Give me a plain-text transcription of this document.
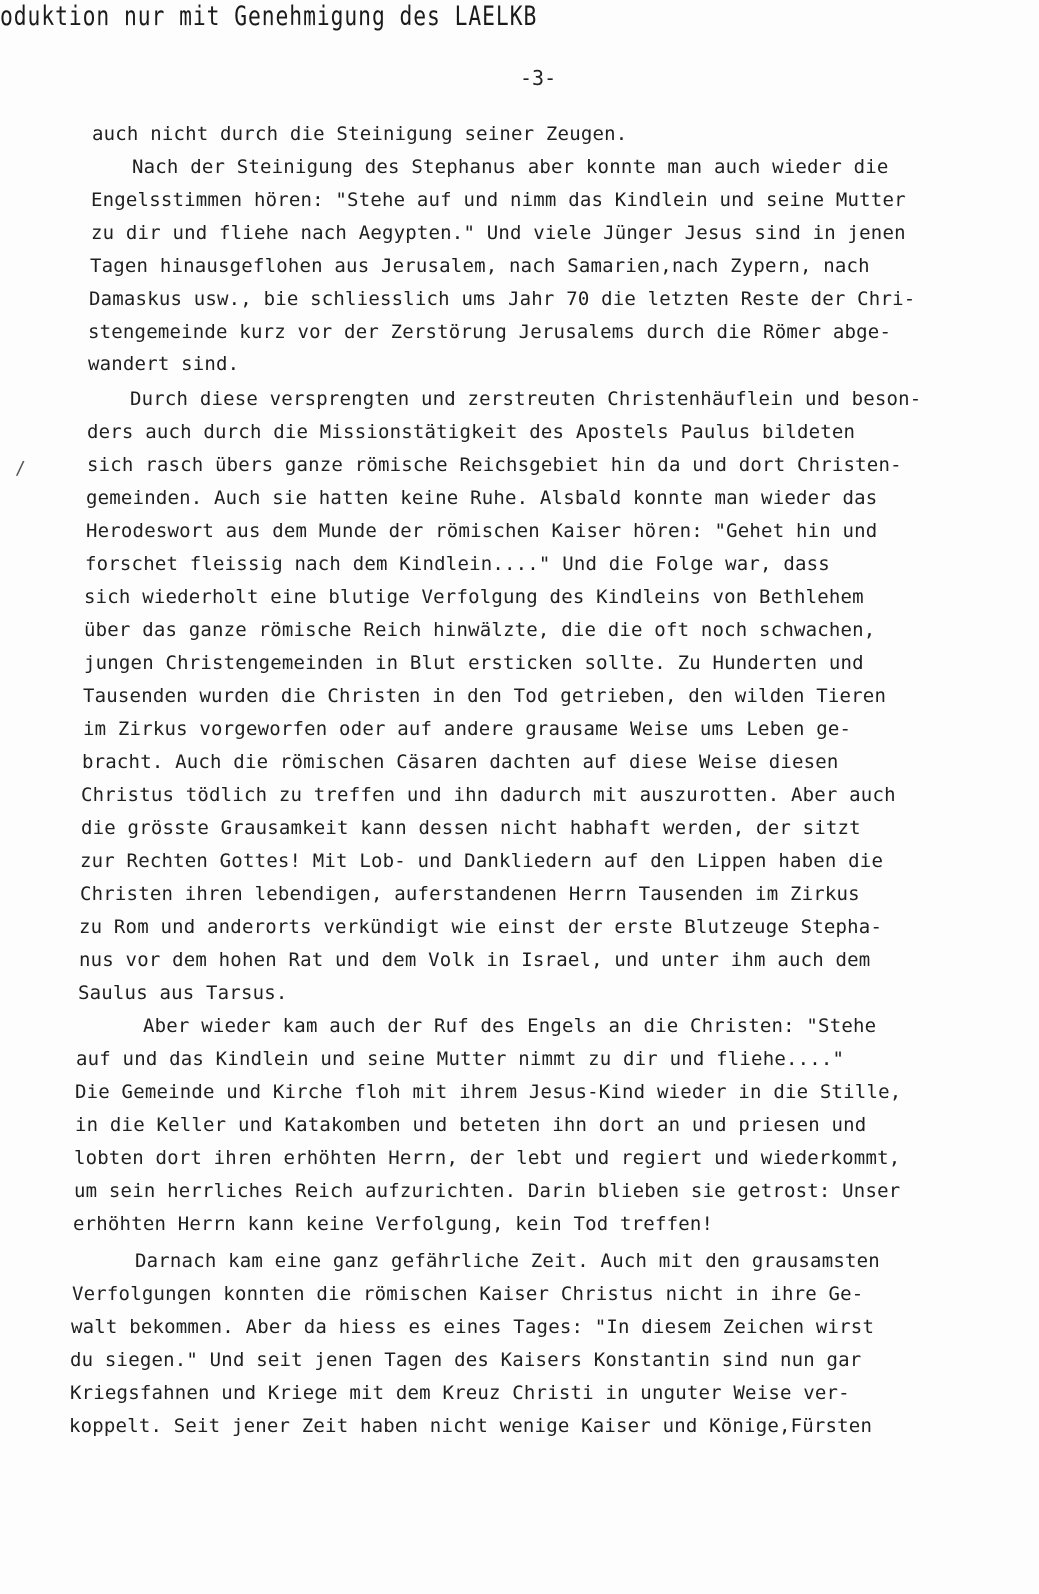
oduktion nur mit Genehmigung des LAELKB
-3-
/
auch nicht durch die Steinigung seiner Zeugen.
Nach der Steinigung des Stephanus aber konnte man auch wieder die
Engelsstimmen hören: "Stehe auf und nimm das Kindlein und seine Mutter
zu dir und fliehe nach Aegypten." Und viele Jünger Jesus sind in jenen
Tagen hinausgeflohen aus Jerusalem, nach Samarien,nach Zypern, nach
Damaskus usw., bie schliesslich ums Jahr 70 die letzten Reste der Chri-
stengemeinde kurz vor der Zerstörung Jerusalems durch die Römer abge-
wandert sind.
Durch diese versprengten und zerstreuten Christenhäuflein und beson-
ders auch durch die Missionstätigkeit des Apostels Paulus bildeten
sich rasch übers ganze römische Reichsgebiet hin da und dort Christen-
gemeinden. Auch sie hatten keine Ruhe. Alsbald konnte man wieder das
Herodeswort aus dem Munde der römischen Kaiser hören: "Gehet hin und
forschet fleissig nach dem Kindlein...." Und die Folge war, dass
sich wiederholt eine blutige Verfolgung des Kindleins von Bethlehem
über das ganze römische Reich hinwälzte, die die oft noch schwachen,
jungen Christengemeinden in Blut ersticken sollte. Zu Hunderten und
Tausenden wurden die Christen in den Tod getrieben, den wilden Tieren
im Zirkus vorgeworfen oder auf andere grausame Weise ums Leben ge-
bracht. Auch die römischen Cäsaren dachten auf diese Weise diesen
Christus tödlich zu treffen und ihn dadurch mit auszurotten. Aber auch
die grösste Grausamkeit kann dessen nicht habhaft werden, der sitzt
zur Rechten Gottes! Mit Lob- und Dankliedern auf den Lippen haben die
Christen ihren lebendigen, auferstandenen Herrn Tausenden im Zirkus
zu Rom und anderorts verkündigt wie einst der erste Blutzeuge Stepha-
nus vor dem hohen Rat und dem Volk in Israel, und unter ihm auch dem
Saulus aus Tarsus.
Aber wieder kam auch der Ruf des Engels an die Christen: "Stehe
auf und das Kindlein und seine Mutter nimmt zu dir und fliehe...."
Die Gemeinde und Kirche floh mit ihrem Jesus-Kind wieder in die Stille,
in die Keller und Katakomben und beteten ihn dort an und priesen und
lobten dort ihren erhöhten Herrn, der lebt und regiert und wiederkommt,
um sein herrliches Reich aufzurichten. Darin blieben sie getrost: Unser
erhöhten Herrn kann keine Verfolgung, kein Tod treffen!
Darnach kam eine ganz gefährliche Zeit. Auch mit den grausamsten
Verfolgungen konnten die römischen Kaiser Christus nicht in ihre Ge-
walt bekommen. Aber da hiess es eines Tages: "In diesem Zeichen wirst
du siegen." Und seit jenen Tagen des Kaisers Konstantin sind nun gar
Kriegsfahnen und Kriege mit dem Kreuz Christi in unguter Weise ver-
koppelt. Seit jener Zeit haben nicht wenige Kaiser und Könige,Fürsten
